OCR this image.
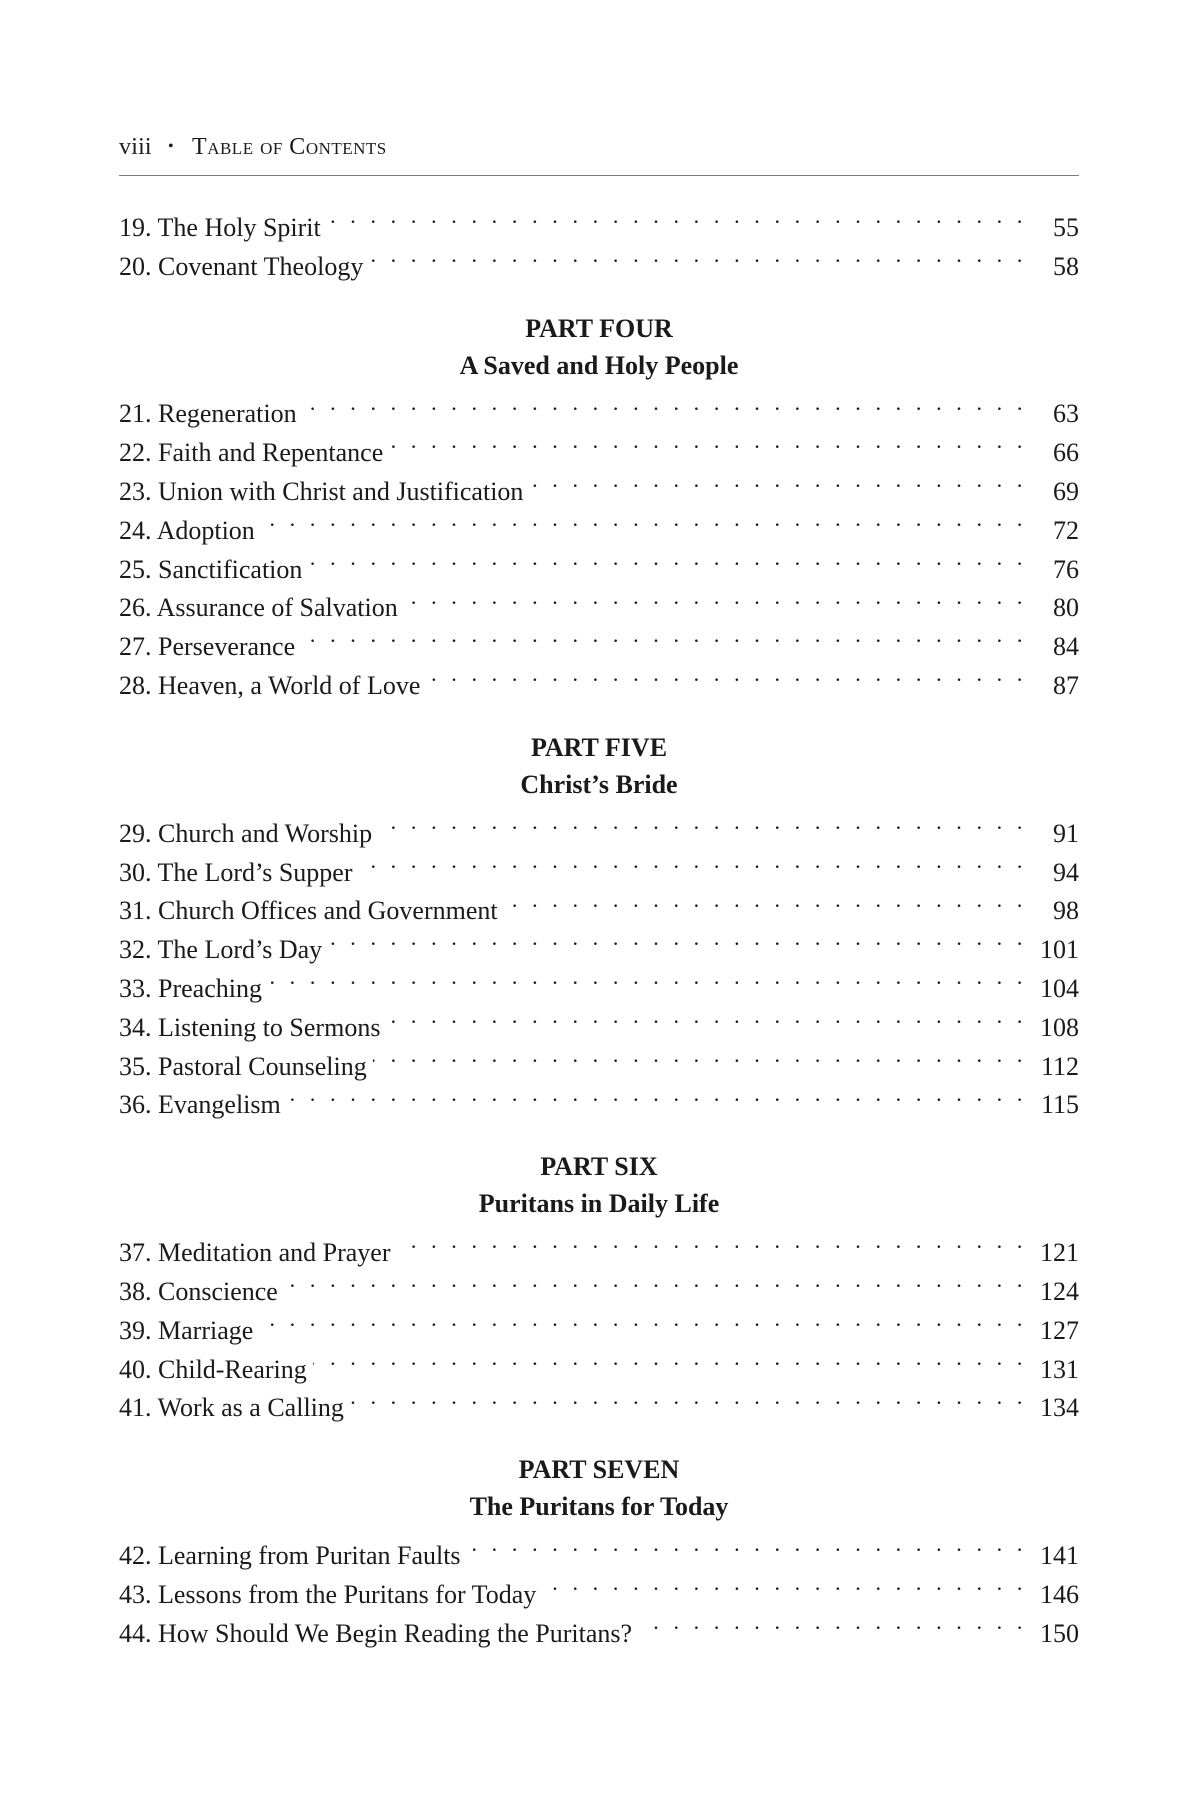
viii • Table of Contents
19. The Holy Spirit . . .	55
20. Covenant Theology . . .	58
PART FOUR
A Saved and Holy People
21. Regeneration . . .	63
22. Faith and Repentance . . .	66
23. Union with Christ and Justification . . .	69
24. Adoption . . .	72
25. Sanctification . . .	76
26. Assurance of Salvation . . .	80
27. Perseverance . . .	84
28. Heaven, a World of Love . . .	87
PART FIVE
Christ’s Bride
29. Church and Worship . . .	91
30. The Lord’s Supper . . .	94
31. Church Offices and Government . . .	98
32. The Lord’s Day . . .	101
33. Preaching . . .	104
34. Listening to Sermons . . .	108
35. Pastoral Counseling . . .	112
36. Evangelism . . .	115
PART SIX
Puritans in Daily Life
37. Meditation and Prayer . . .	121
38. Conscience . . .	124
39. Marriage . . .	127
40. Child-Rearing . . .	131
41. Work as a Calling . . .	134
PART SEVEN
The Puritans for Today
42. Learning from Puritan Faults . . .	141
43. Lessons from the Puritans for Today . . .	146
44. How Should We Begin Reading the Puritans? . . .	150
